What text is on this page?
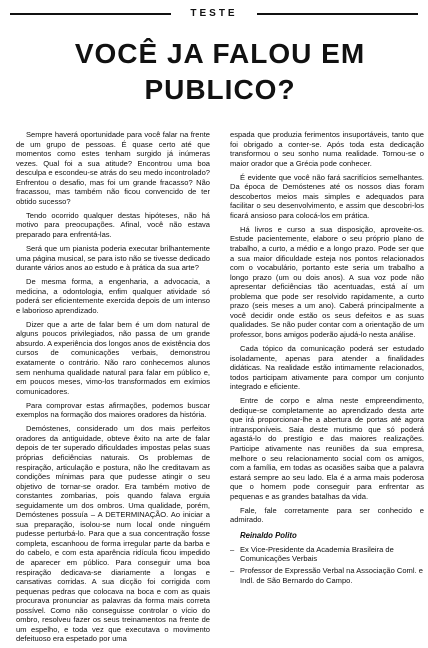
TESTE
VOCÊ JA FALOU EM
PUBLICO?

Sempre haverá oportunidade para você falar na frente de um grupo de pessoas. É quase certo até que momentos como estes tenham surgido já inúmeras vezes. Qual foi a sua atitude? Encontrou uma boa desculpa e escondeu-se atrás do seu medo incontrolado? Enfrentou o desafio, mas foi um grande fracasso? Não fracassou, mas também não ficou convencido de ter obtido sucesso?

Tendo ocorrido qualquer destas hipóteses, não há motivo para preocupações. Afinal, você não estava preparado para enfrentá-las.

Será que um pianista poderia executar brilhantemente uma página musical, se para isto não se tivesse dedicado durante vários anos ao estudo e à prática da sua arte?

De mesma forma, a engenharia, a advocacia, a medicina, a odontologia, enfim qualquer atividade só poderá ser eficientemente exercida depois de um intenso e laborioso aprendizado.

Dizer que a arte de falar bem é um dom natural de alguns poucos privilegiados, não passa de um grande absurdo. A experiência dos longos anos de existência dos cursos de comunicações verbais, demonstrou exatamente o contrário. Não raro conhecemos alunos sem nenhuma qualidade natural para falar em público e, em poucos meses, vimo-los transformados em exímios comunicadores.

Para comprovar estas afirmações, podemos buscar exemplos na formação dos maiores oradores da história.

Demóstenes, considerado um dos mais perfeitos oradores da antiguidade, obteve êxito na arte de falar depois de ter superado dificuldades impostas pelas suas próprias deficiências naturais. Os problemas de respiração, articulação e postura, não lhe creditavam as condições mínimas para que pudesse atingir o seu objetivo de tornar-se orador. Era também motivo de constantes zombarias, pois quando falava erguia seguidamente um dos ombros. Uma qualidade, porém, Demóstenes possuía – A DETERMINAÇÃO. Ao iniciar a sua preparação, isolou-se num local onde ninguém pudesse perturbá-lo. Para que a sua concentração fosse completa, escanhoou de forma irregular parte da barba e do cabelo, e com esta aparência ridícula ficou impedido de aparecer em público. Para conseguir uma boa respiração dedicava-se diariamente a longas e cansativas corridas. A sua dicção foi corrigida com pequenas pedras que colocava na boca e com as quais procurava pronunciar as palavras da forma mais correta possível. Como não conseguisse controlar o vício do ombro, resolveu fazer os seus treinamentos na frente de um espelho, e toda vez que executava o movimento defeituoso era espetado por uma

espada que produzia ferimentos insuportáveis, tanto que foi obrigado a conter-se. Após toda esta dedicação transformou o seu sonho numa realidade. Tornou-se o maior orador que a Grécia pode conhecer.

É evidente que você não fará sacrifícios semelhantes. Da época de Demóstenes até os nossos dias foram descobertos meios mais simples e adequados para facilitar o seu desenvolvimento, e assim que descobri-los ficará ansioso para colocá-los em prática.

Há livros e curso a sua disposição, aproveite-os. Estude pacientemente, elabore o seu próprio plano de trabalho, a curto, a médio e a longo prazo. Pode ser que a sua maior dificuldade esteja nos pontos relacionados com o vocabulário, portanto este seria um trabalho a longo prazo (um ou dois anos). A sua voz pode não apresentar deficiências tão acentuadas, está aí um problema que pode ser resolvido rapidamente, a curto prazo (seis meses a um ano). Caberá principalmente a você decidir onde estão os seus defeitos e as suas qualidades. Se não puder contar com a orientação de um professor, bons amigos poderão ajudá-lo nesta análise.

Cada tópico da comunicação poderá ser estudado isoladamente, apenas para atender a finalidades didáticas. Na realidade estão intimamente relacionados, todos participam ativamente para compor um conjunto integrado e eficiente.

Entre de corpo e alma neste empreendimento, dedique-se completamente ao aprendizado desta arte que irá proporcionar-lhe a abertura de portas até agora intransponíveis. Saia deste mutismo que só poderá agastá-lo do prestígio e das maiores realizações. Participe ativamente nas reuniões da sua empresa, melhore o seu relacionamento social com os amigos, com a família, em todas as ocasiões saiba que a palavra estará sempre ao seu lado. Ela é a arma mais poderosa que o homem pode conseguir para enfrentar as pequenas e as grandes batalhas da vida.

Fale, fale corretamente para ser conhecido e admirado.

Reinaldo Polito

– Ex Vice-Presidente da Academia Brasileira de Comunicações Verbais
– Professor de Expressão Verbal na Associação Coml. e Indl. de São Bernardo do Campo.
